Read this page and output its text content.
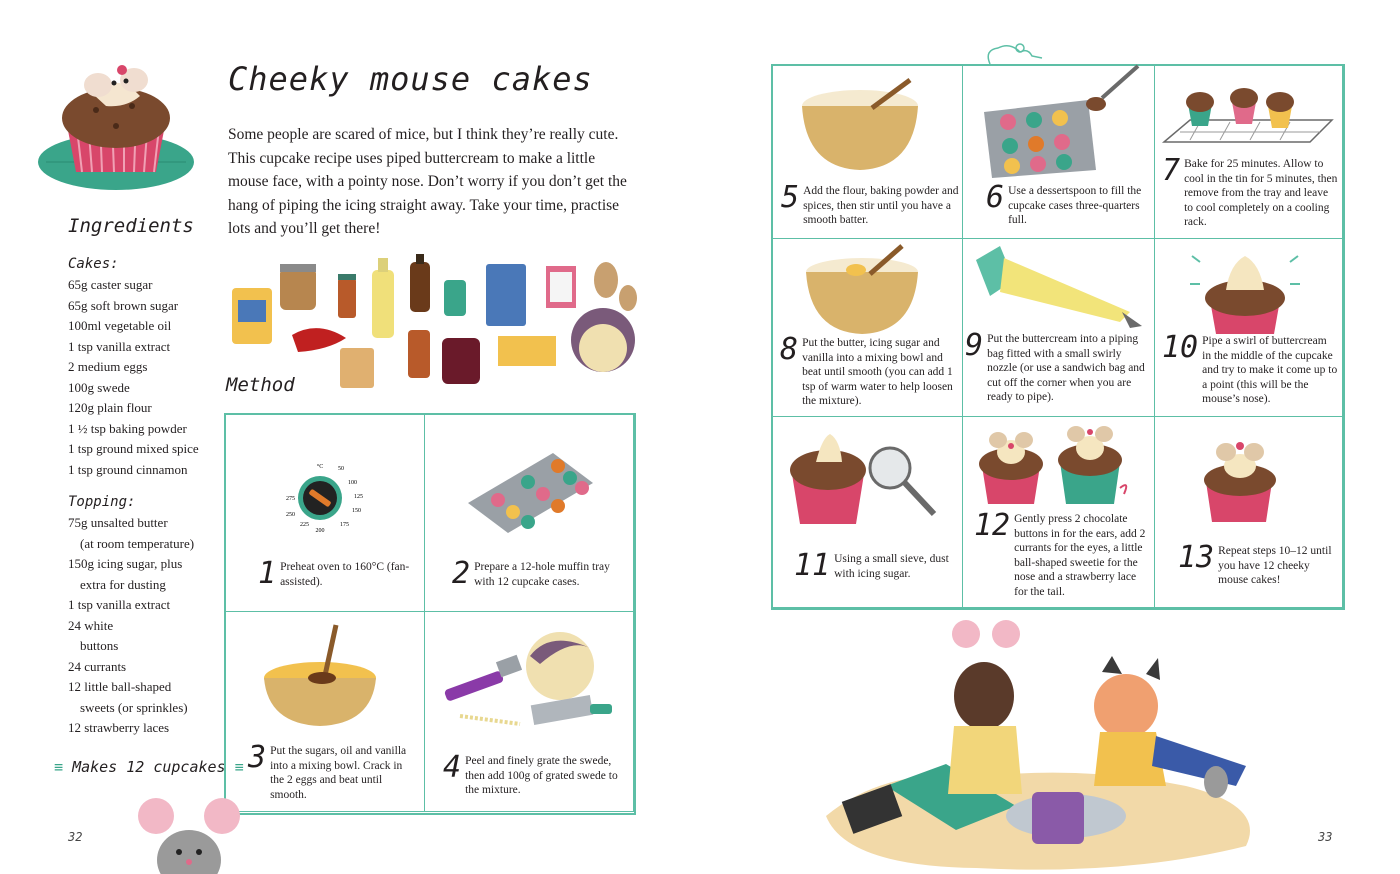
Cheeky mouse cakes
Some people are scared of mice, but I think they’re really cute. This cupcake recipe uses piped buttercream to make a little mouse face, with a pointy nose. Don’t worry if you don’t get the hang of piping the icing straight away. Take your time, practise lots and you’ll get there!
Ingredients
Cakes:
65g caster sugar
65g soft brown sugar
100ml vegetable oil
1 tsp vanilla extract
2 medium eggs
100g swede
120g plain flour
1 ½ tsp baking powder
1 tsp ground mixed spice
1 tsp ground cinnamon
Topping:
75g unsalted butter
(at room temperature)
150g icing sugar, plus
extra for dusting
1 tsp vanilla extract
24 white
buttons
24 currants
12 little ball-shaped
sweets (or sprinkles)
12 strawberry laces
≡ Makes 12 cupcakes ≡
Method
°C 50
100
125
150
175
200
225
250
275
1 Preheat oven to 160°C (fan-assisted).	2 Prepare a 12-hole muffin tray with 12 cupcake cases.
3 Put the sugars, oil and vanilla into a mixing bowl. Crack in the 2 eggs and beat until smooth.
4 Peel and finely grate the swede, then add 100g of grated swede to the mixture.
32
5 Add the flour, baking powder and spices, then stir until you have a smooth batter.
6 Use a dessertspoon to fill the cupcake cases three-quarters full.
7 Bake for 25 minutes. Allow to cool in the tin for 5 minutes, then remove from the tray and leave to cool completely on a cooling rack.
8 Put the butter, icing sugar and vanilla into a mixing bowl and beat until smooth (you can add 1 tsp of warm water to help loosen the mixture).
9 Put the buttercream into a piping bag fitted with a small swirly nozzle (or use a sandwich bag and cut off the corner when you are ready to pipe).
10 Pipe a swirl of buttercream in the middle of the cupcake and try to make it come up to a point (this will be the mouse’s nose).
11 Using a small sieve, dust with icing sugar.
12 Gently press 2 chocolate buttons in for the ears, add 2 currants for the eyes, a little ball-shaped sweetie for the nose and a strawberry lace for the tail.
13 Repeat steps 10–12 until you have 12 cheeky mouse cakes!
33
